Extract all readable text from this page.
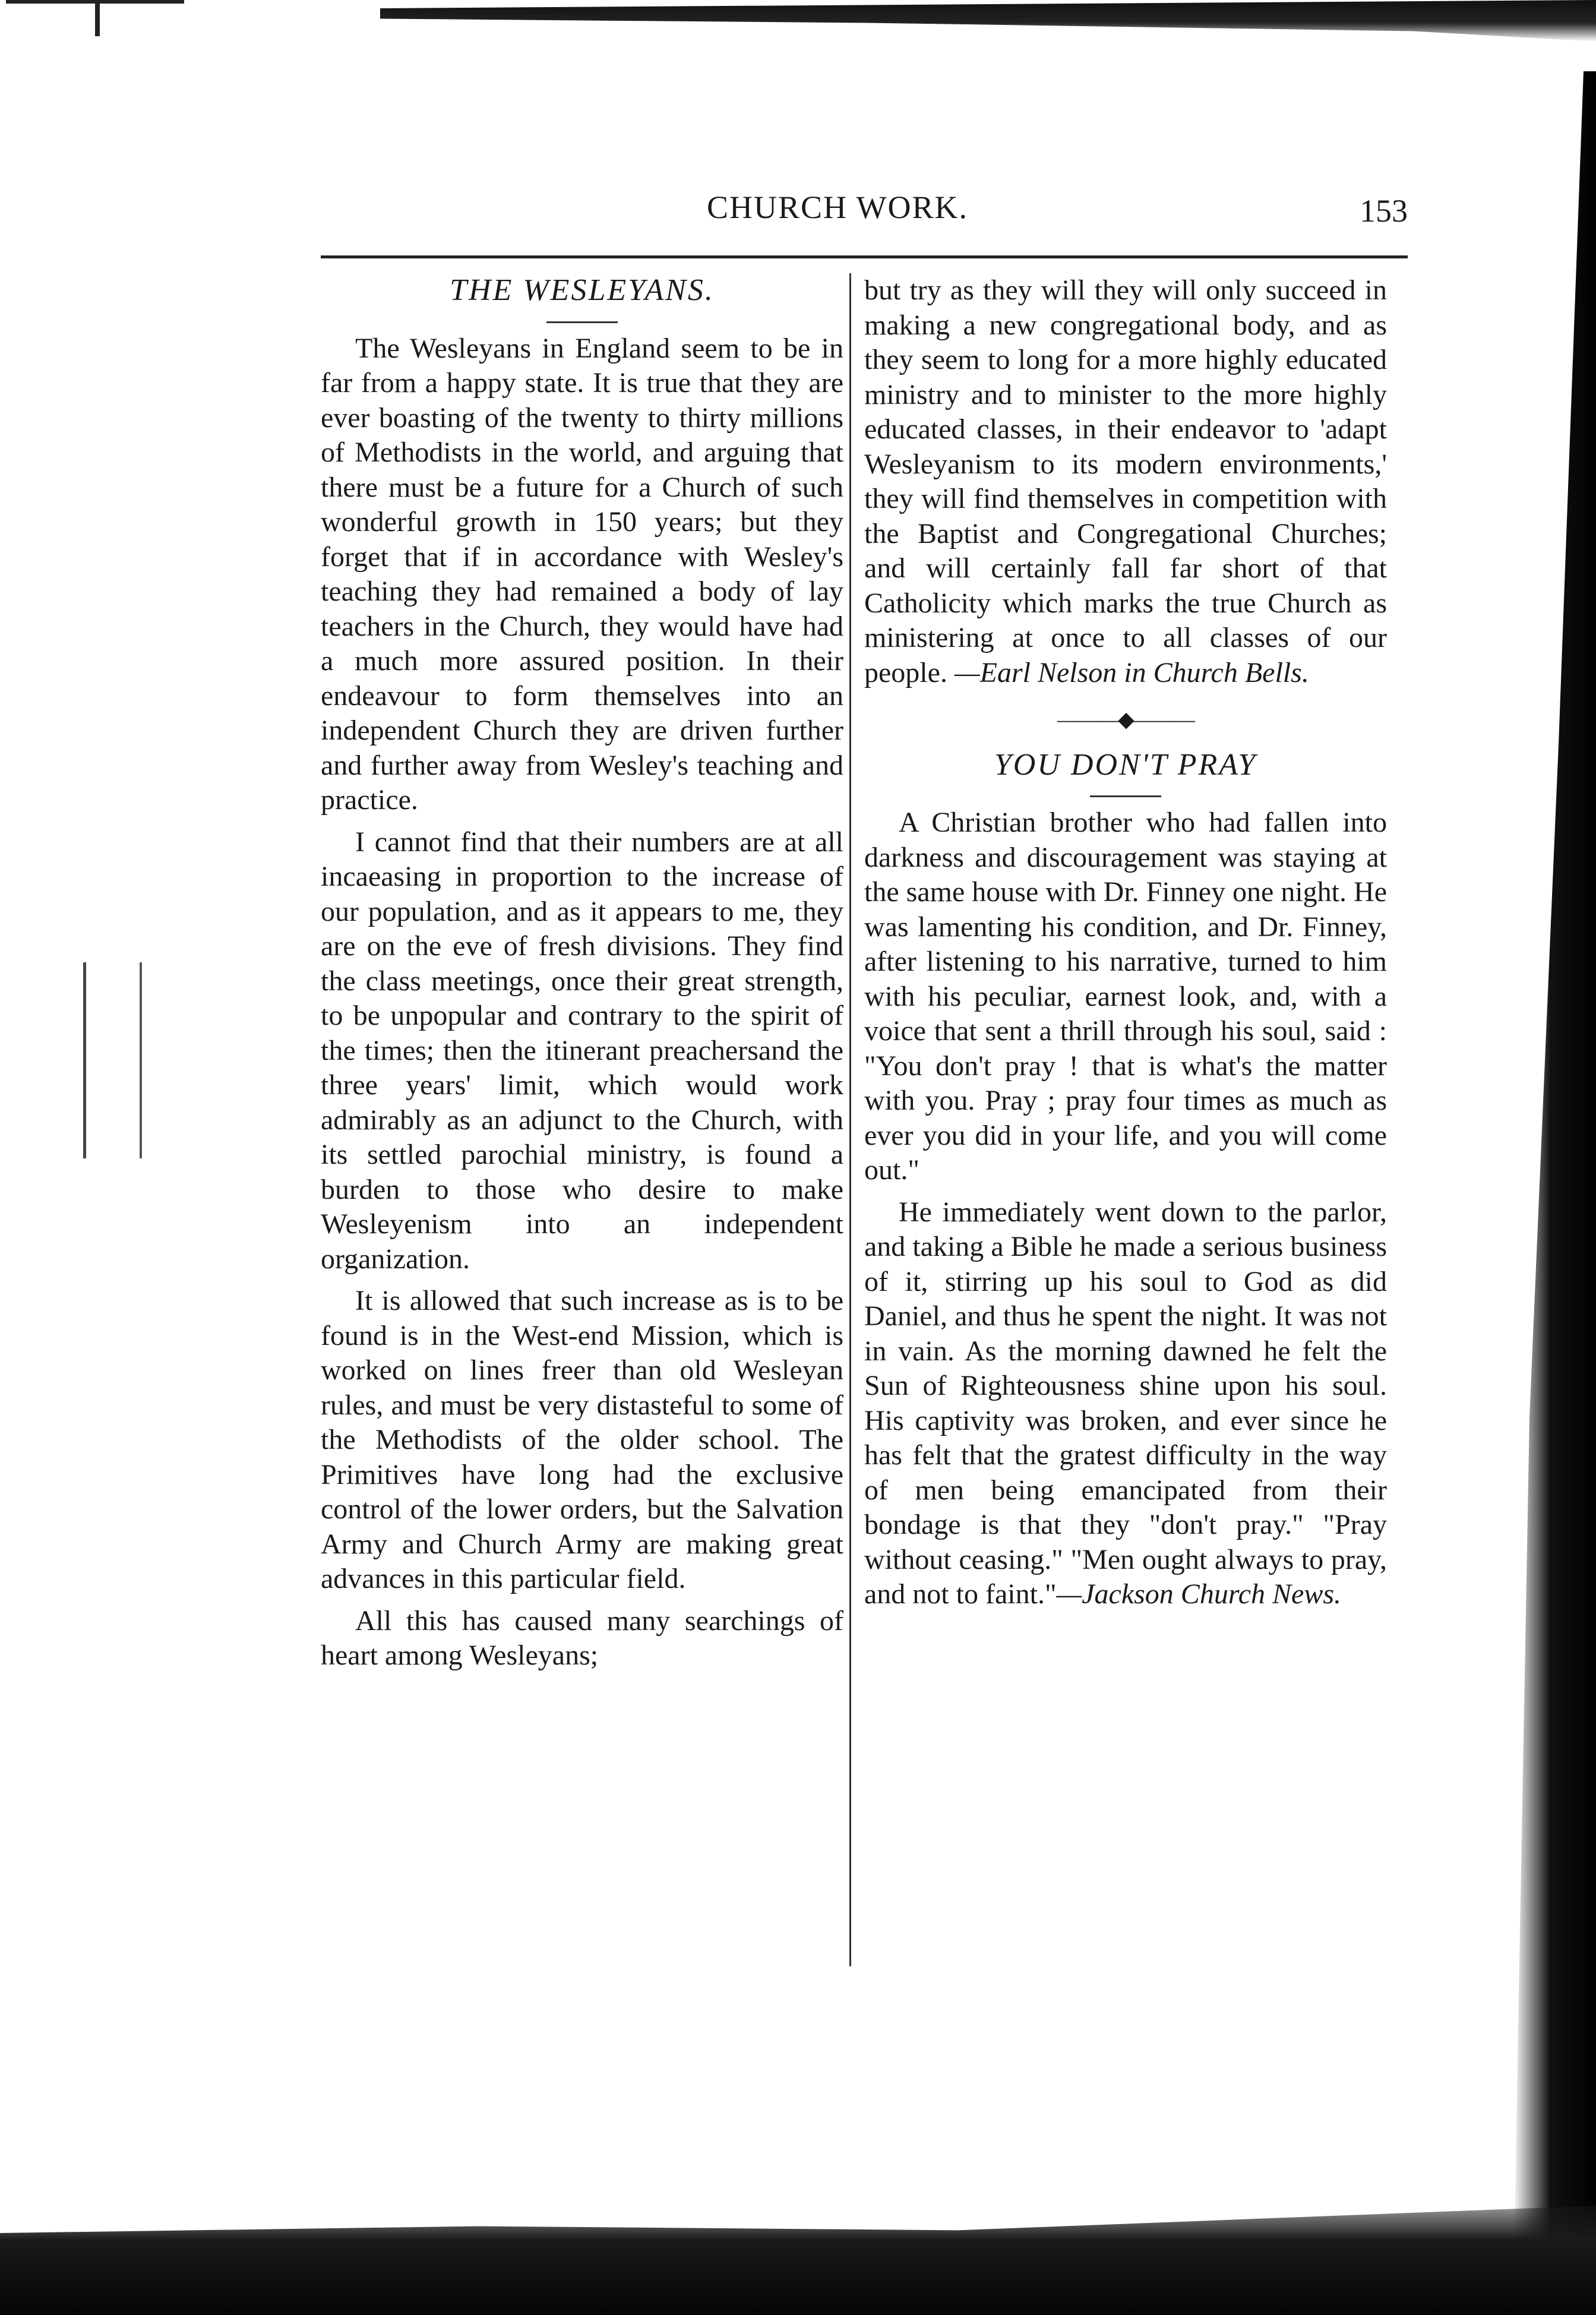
CHURCH WORK.	153
THE WESLEYANS.

The Wesleyans in England seem to be in far from a happy state. It is true that they are ever boasting of the twenty to thirty millions of Methodists in the world, and arguing that there must be a future for a Church of such wonderful growth in 150 years; but they forget that if in accordance with Wesley's teaching they had remained a body of lay teachers in the Church, they would have had a much more assured position. In their endeavour to form themselves into an independent Church they are driven further and further away from Wesley's teaching and practice.

I cannot find that their numbers are at all incaeasing in proportion to the increase of our population, and as it appears to me, they are on the eve of fresh divisions. They find the class meetings, once their great strength, to be unpopular and contrary to the spirit of the times; then the itinerant preachersand the three years' limit, which would work admirably as an adjunct to the Church, with its settled parochial ministry, is found a burden to those who desire to make Wesleyenism into an independent organization.

It is allowed that such increase as is to be found is in the West-end Mission, which is worked on lines freer than old Wesleyan rules, and must be very distasteful to some of the Methodists of the older school. The Primitives have long had the exclusive control of the lower orders, but the Salvation Army and Church Army are making great advances in this particular field.

All this has caused many searchings of heart among Wesleyans;

but try as they will they will only succeed in making a new congregational body, and as they seem to long for a more highly educated ministry and to minister to the more highly educated classes, in their endeavor to 'adapt Wesleyanism to its modern environments,' they will find themselves in competition with the Baptist and Congregational Churches; and will certainly fall far short of that Catholicity which marks the true Church as ministering at once to all classes of our people. —Earl Nelson in Church Bells.

———◆———
YOU DON'T PRAY

A Christian brother who had fallen into darkness and discouragement was staying at the same house with Dr. Finney one night. He was lamenting his condition, and Dr. Finney, after listening to his narrative, turned to him with his peculiar, earnest look, and, with a voice that sent a thrill through his soul, said : "You don't pray ! that is what's the matter with you. Pray ; pray four times as much as ever you did in your life, and you will come out."

He immediately went down to the parlor, and taking a Bible he made a serious business of it, stirring up his soul to God as did Daniel, and thus he spent the night. It was not in vain. As the morning dawned he felt the Sun of Righteousness shine upon his soul. His captivity was broken, and ever since he has felt that the gratest difficulty in the way of men being emancipated from their bondage is that they "don't pray." "Pray without ceasing." "Men ought always to pray, and not to faint."—Jackson Church News.
